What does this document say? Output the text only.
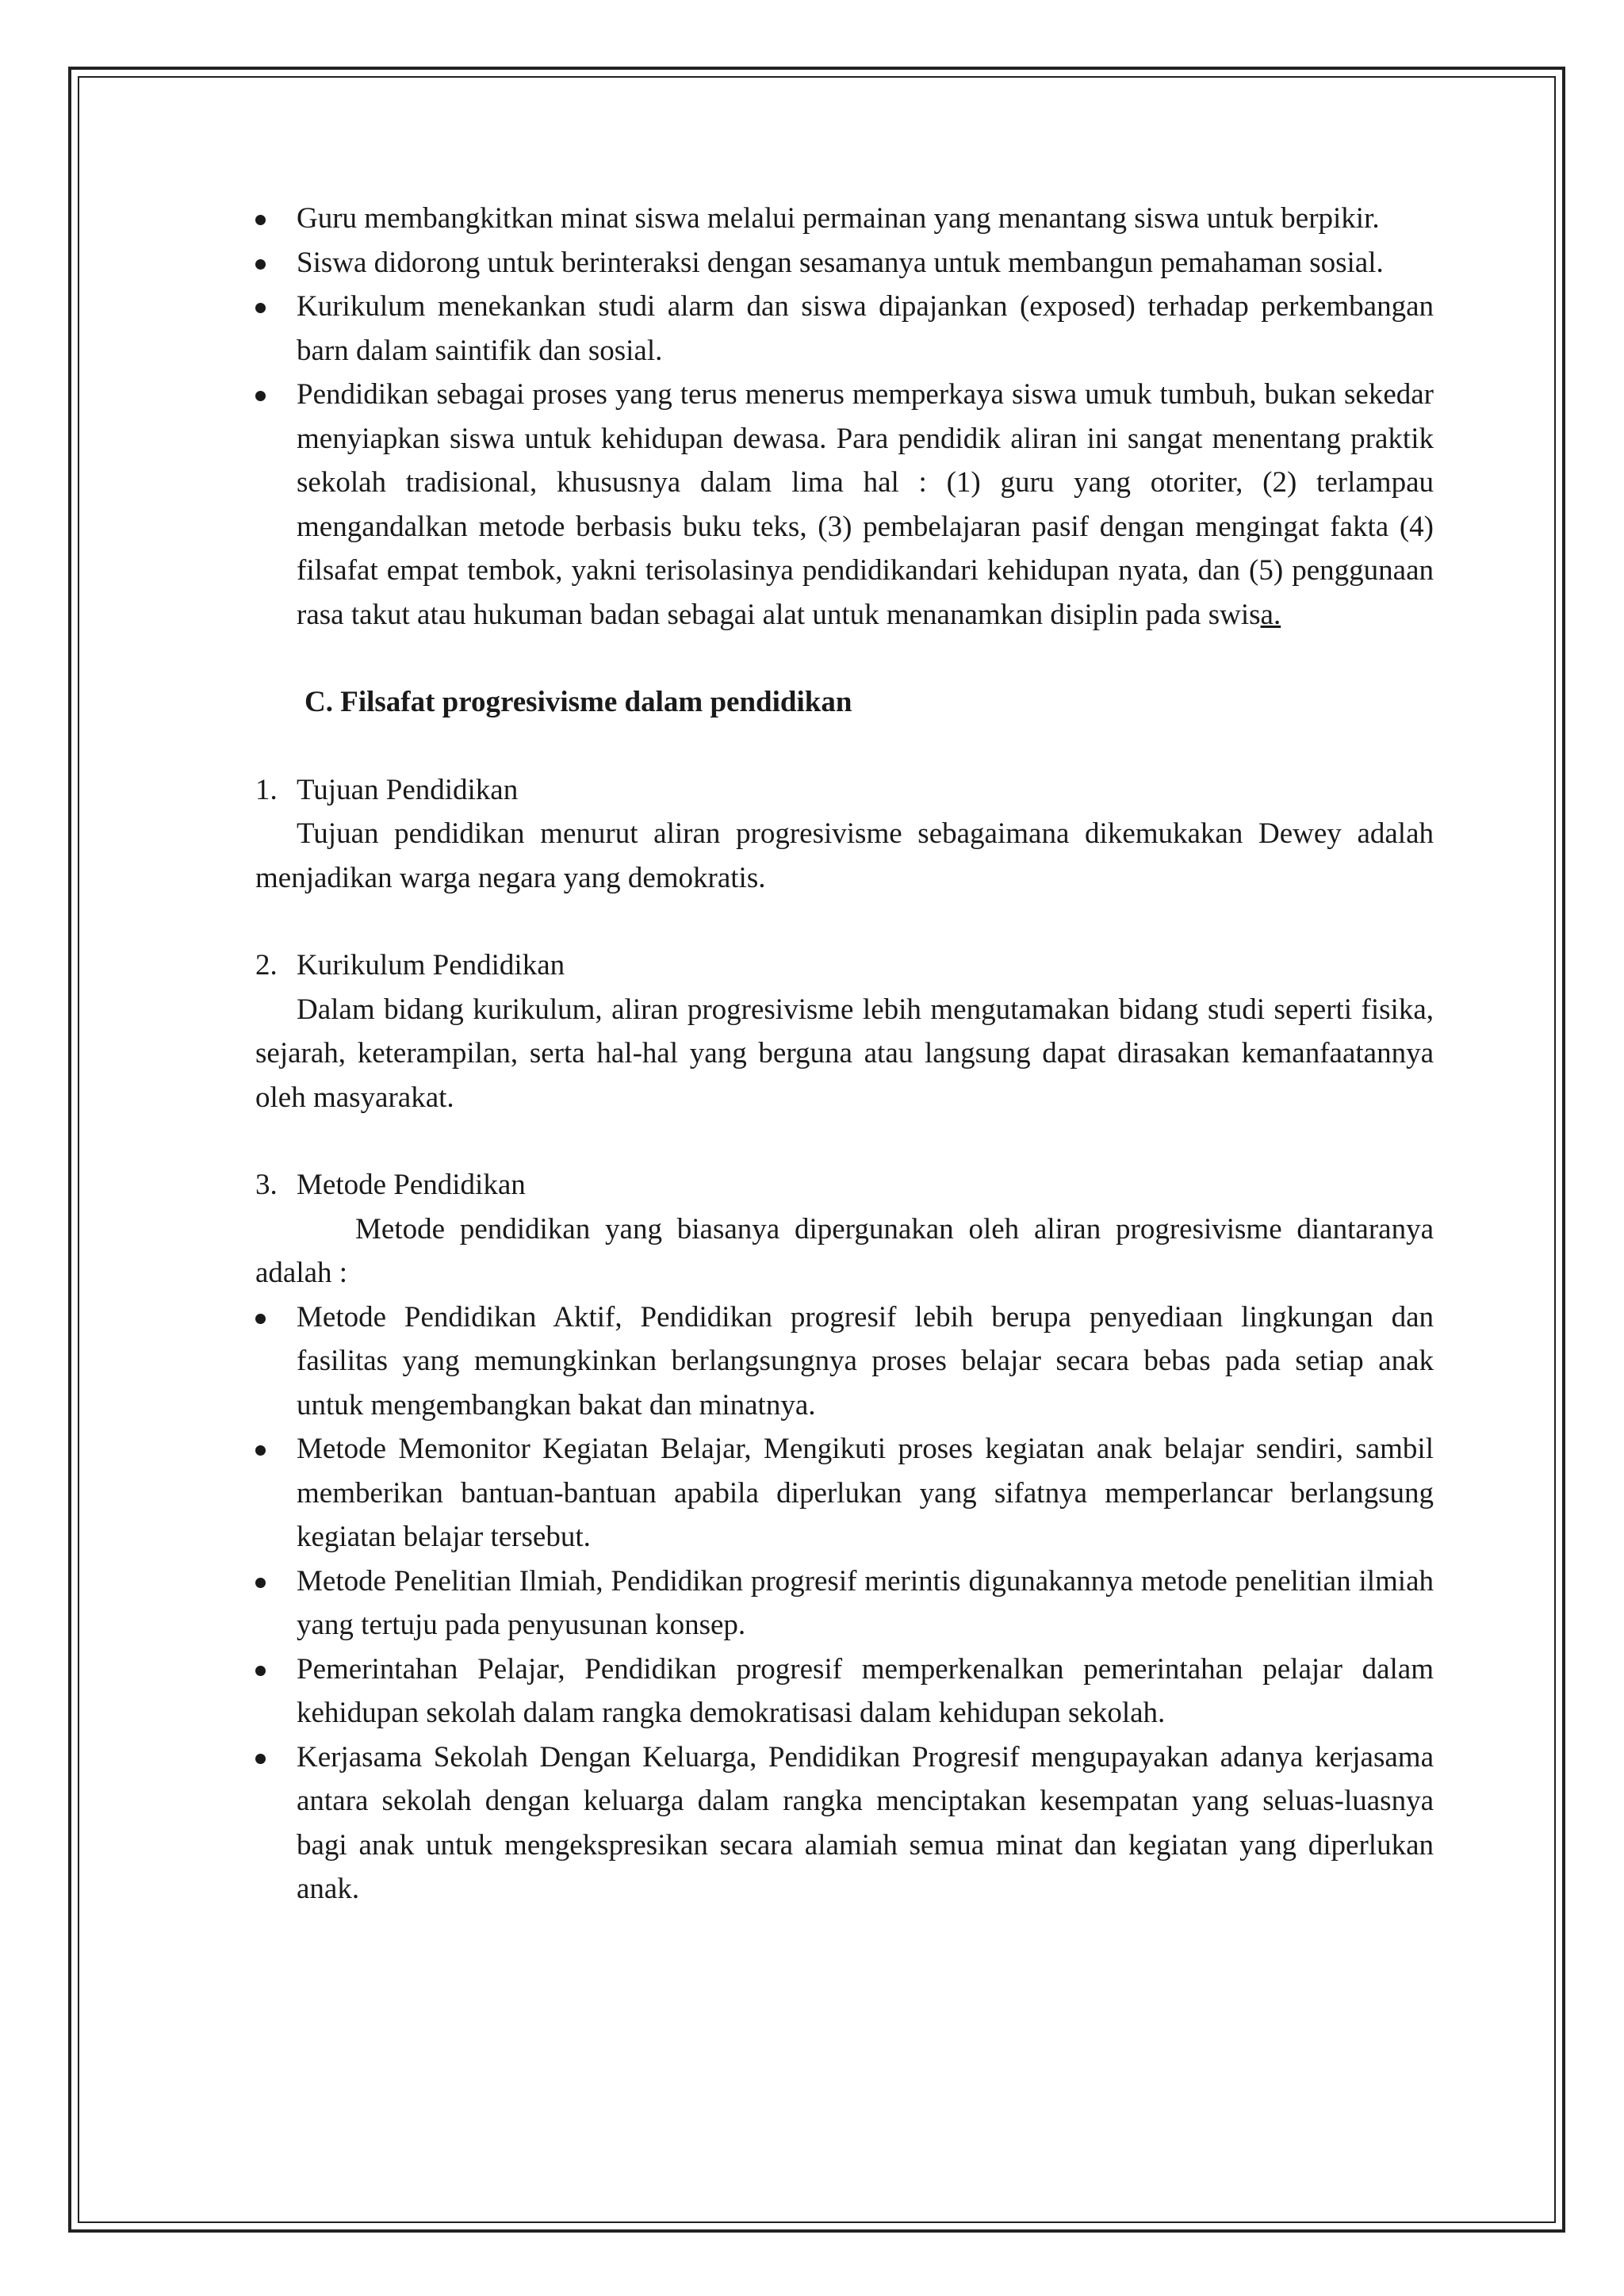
Guru membangkitkan minat siswa melalui permainan yang menantang siswa untuk berpikir.
Siswa didorong untuk berinteraksi dengan sesamanya untuk membangun pemahaman sosial.
Kurikulum menekankan studi alarm dan siswa dipajankan (exposed) terhadap perkembangan barn dalam saintifik dan sosial.
Pendidikan sebagai proses yang terus menerus memperkaya siswa umuk tumbuh, bukan sekedar menyiapkan siswa untuk kehidupan dewasa. Para pendidik aliran ini sangat menentang praktik sekolah tradisional, khususnya dalam lima hal : (1) guru yang otoriter, (2) terlampau mengandalkan metode berbasis buku teks, (3) pembelajaran pasif dengan mengingat fakta (4) filsafat empat tembok, yakni terisolasinya pendidikandari kehidupan nyata, dan (5) penggunaan rasa takut atau hukuman badan sebagai alat untuk menanamkan disiplin pada swisa.
C. Filsafat progresivisme dalam pendidikan
1. Tujuan Pendidikan
Tujuan pendidikan menurut aliran progresivisme sebagaimana dikemukakan Dewey adalah menjadikan warga negara yang demokratis.
2. Kurikulum Pendidikan
Dalam bidang kurikulum, aliran progresivisme lebih mengutamakan bidang studi seperti fisika, sejarah, keterampilan, serta hal-hal yang berguna atau langsung dapat dirasakan kemanfaatannya oleh masyarakat.
3. Metode Pendidikan
Metode pendidikan yang biasanya dipergunakan oleh aliran progresivisme diantaranya adalah :
Metode Pendidikan Aktif, Pendidikan progresif lebih berupa penyediaan lingkungan dan fasilitas yang memungkinkan berlangsungnya proses belajar secara bebas pada setiap anak untuk mengembangkan bakat dan minatnya.
Metode Memonitor Kegiatan Belajar, Mengikuti proses kegiatan anak belajar sendiri, sambil memberikan bantuan-bantuan apabila diperlukan yang sifatnya memperlancar berlangsung kegiatan belajar tersebut.
Metode Penelitian Ilmiah, Pendidikan progresif merintis digunakannya metode penelitian ilmiah yang tertuju pada penyusunan konsep.
Pemerintahan Pelajar, Pendidikan progresif memperkenalkan pemerintahan pelajar dalam kehidupan sekolah dalam rangka demokratisasi dalam kehidupan sekolah.
Kerjasama Sekolah Dengan Keluarga, Pendidikan Progresif mengupayakan adanya kerjasama antara sekolah dengan keluarga dalam rangka menciptakan kesempatan yang seluas-luasnya bagi anak untuk mengekspresikan secara alamiah semua minat dan kegiatan yang diperlukan anak.
